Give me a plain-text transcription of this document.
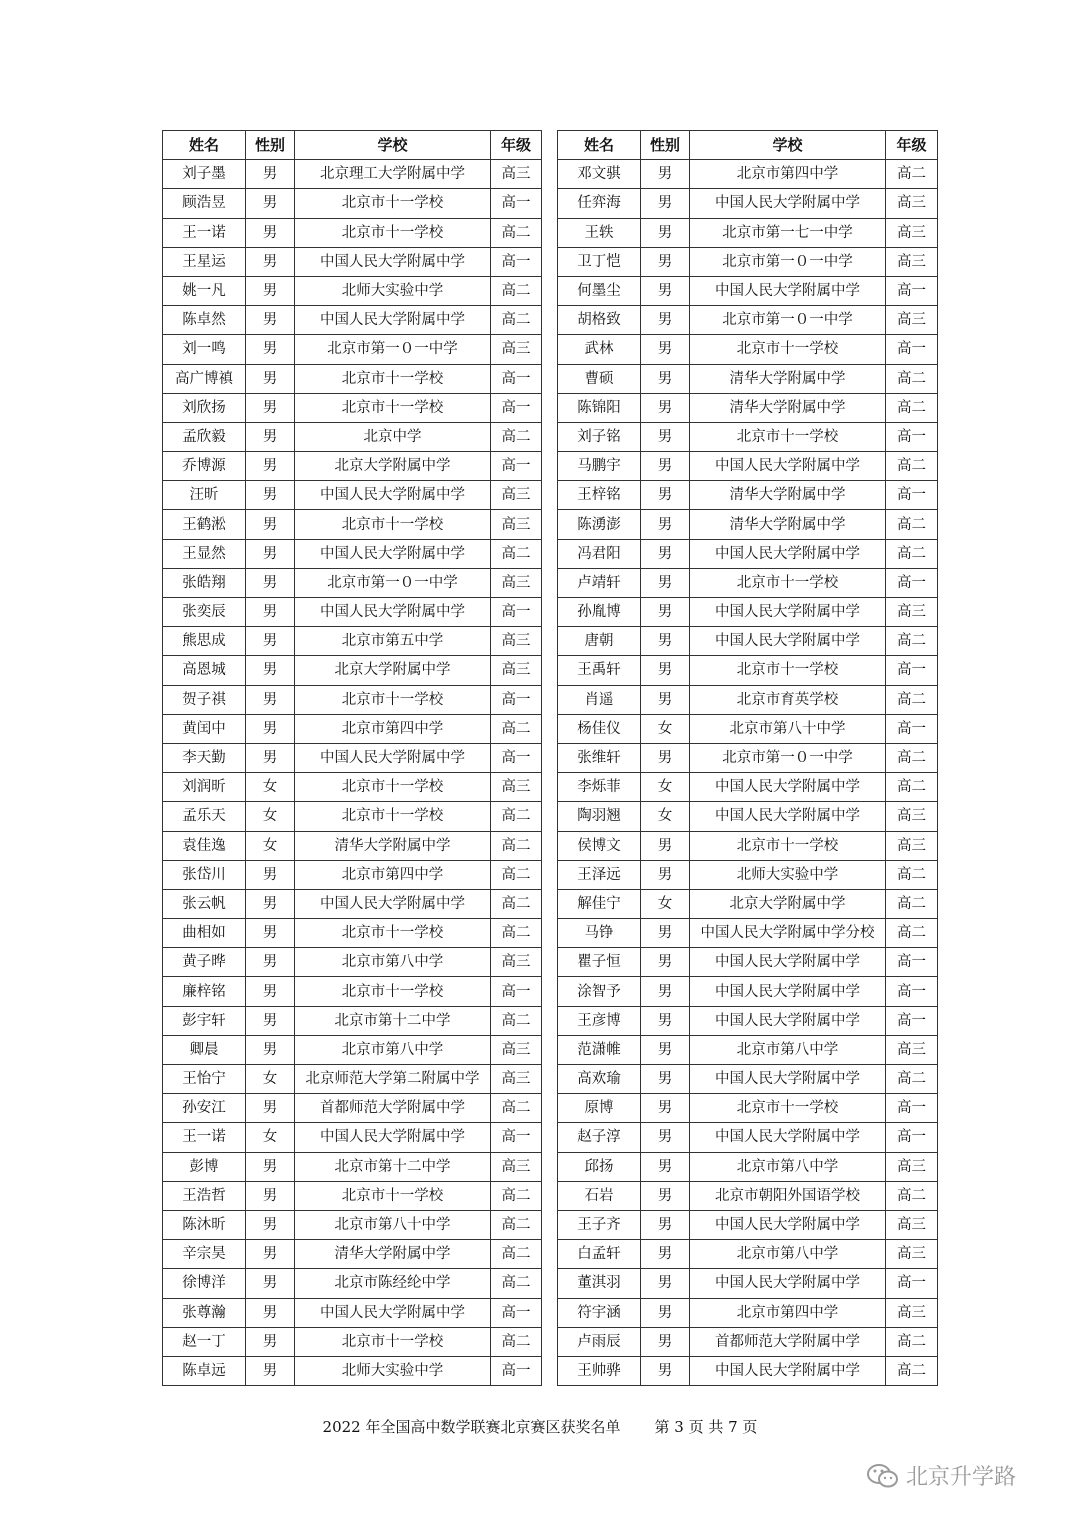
姓名	性别	学校	年级
刘子墨	男	北京理工大学附属中学	高三
顾浩昱	男	北京市十一学校	高一
王一诺	男	北京市十一学校	高二
王星运	男	中国人民大学附属中学	高一
姚一凡	男	北师大实验中学	高二
陈卓然	男	中国人民大学附属中学	高二
刘一鸣	男	北京市第一０一中学	高三
高广博禛	男	北京市十一学校	高一
刘欣扬	男	北京市十一学校	高一
孟欣毅	男	北京中学	高二
乔博源	男	北京大学附属中学	高一
汪昕	男	中国人民大学附属中学	高三
王鹤淞	男	北京市十一学校	高三
王显然	男	中国人民大学附属中学	高二
张皓翔	男	北京市第一０一中学	高三
张奕辰	男	中国人民大学附属中学	高一
熊思成	男	北京市第五中学	高三
高恩城	男	北京大学附属中学	高三
贺子祺	男	北京市十一学校	高一
黄闰中	男	北京市第四中学	高二
李天勤	男	中国人民大学附属中学	高一
刘润昕	女	北京市十一学校	高三
孟乐天	女	北京市十一学校	高二
袁佳逸	女	清华大学附属中学	高二
张岱川	男	北京市第四中学	高二
张云帆	男	中国人民大学附属中学	高二
曲相如	男	北京市十一学校	高二
黄子晔	男	北京市第八中学	高三
廉梓铭	男	北京市十一学校	高一
彭宇轩	男	北京市第十二中学	高二
卿晨	男	北京市第八中学	高三
王怡宁	女	北京师范大学第二附属中学	高三
孙安江	男	首都师范大学附属中学	高二
王一诺	女	中国人民大学附属中学	高一
彭博	男	北京市第十二中学	高三
王浩哲	男	北京市十一学校	高二
陈沐昕	男	北京市第八十中学	高二
辛宗昊	男	清华大学附属中学	高二
徐博洋	男	北京市陈经纶中学	高二
张尊瀚	男	中国人民大学附属中学	高一
赵一丁	男	北京市十一学校	高二
陈卓远	男	北师大实验中学	高一
姓名	性别	学校	年级
邓文骐	男	北京市第四中学	高二
任弈海	男	中国人民大学附属中学	高三
王轶	男	北京市第一七一中学	高三
卫丁恺	男	北京市第一０一中学	高三
何墨尘	男	中国人民大学附属中学	高一
胡格致	男	北京市第一０一中学	高三
武林	男	北京市十一学校	高一
曹硕	男	清华大学附属中学	高二
陈锦阳	男	清华大学附属中学	高二
刘子铭	男	北京市十一学校	高一
马鹏宇	男	中国人民大学附属中学	高二
王梓铭	男	清华大学附属中学	高一
陈湧澎	男	清华大学附属中学	高二
冯君阳	男	中国人民大学附属中学	高二
卢靖轩	男	北京市十一学校	高一
孙胤博	男	中国人民大学附属中学	高三
唐朝	男	中国人民大学附属中学	高二
王禹轩	男	北京市十一学校	高一
肖遥	男	北京市育英学校	高二
杨佳仪	女	北京市第八十中学	高一
张维轩	男	北京市第一０一中学	高二
李烁菲	女	中国人民大学附属中学	高二
陶羽翘	女	中国人民大学附属中学	高三
侯博文	男	北京市十一学校	高三
王泽远	男	北师大实验中学	高二
解佳宁	女	北京大学附属中学	高二
马铮	男	中国人民大学附属中学分校	高二
瞿子恒	男	中国人民大学附属中学	高一
涂智予	男	中国人民大学附属中学	高一
王彦博	男	中国人民大学附属中学	高一
范潇帷	男	北京市第八中学	高三
高欢瑜	男	中国人民大学附属中学	高二
原博	男	北京市十一学校	高一
赵子淳	男	中国人民大学附属中学	高一
邱扬	男	北京市第八中学	高三
石岩	男	北京市朝阳外国语学校	高二
王子齐	男	中国人民大学附属中学	高三
白孟轩	男	北京市第八中学	高三
董淇羽	男	中国人民大学附属中学	高一
符宇涵	男	北京市第四中学	高三
卢雨辰	男	首都师范大学附属中学	高二
王帅骅	男	中国人民大学附属中学	高二
2022 年全国高中数学联赛北京赛区获奖名单 第 3 页 共 7 页
北京升学路
